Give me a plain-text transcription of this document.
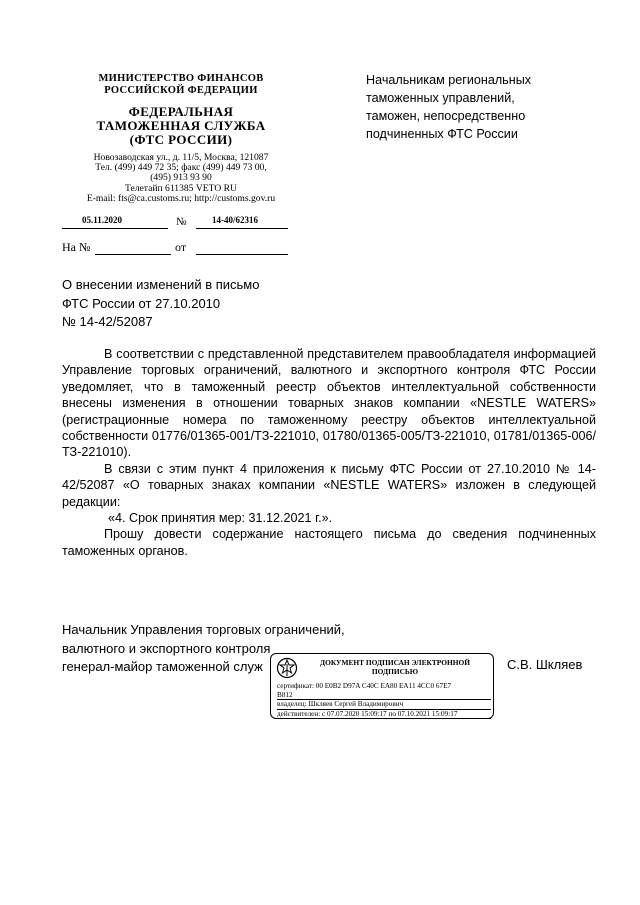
МИНИСТЕРСТВО ФИНАНСОВ
РОССИЙСКОЙ ФЕДЕРАЦИИ
ФЕДЕРАЛЬНАЯ
ТАМОЖЕННАЯ СЛУЖБА
(ФТС РОССИИ)
Новозаводская ул., д. 11/5, Москва, 121087
Тел. (499) 449 72 35; факс (499) 449 73 00,
(495) 913 93 90
Телетайп 611385 VETO RU
E-mail: fts@ca.customs.ru; http://customs.gov.ru
Начальникам региональных
таможенных управлений,
таможен, непосредственно
подчиненных ФТС России
05.11.2020	№	14-40/62316
На №	от
О внесении изменений в письмо
ФТС России от 27.10.2010
№ 14-42/52087

В соответствии с представленной представителем правообладателя информацией Управление торговых ограничений, валютного и экспортного контроля ФТС России уведомляет, что в таможенный реестр объектов интеллектуальной собственности внесены изменения в отношении товарных знаков компании «NESTLE WATERS» (регистрационные номера по таможенному реестру объектов интеллектуальной собственности 01776/01365-001/ТЗ-221010, 01780/01365-005/ТЗ-221010, 01781/01365-006/ТЗ-221010).

В связи с этим пункт 4 приложения к письму ФТС России от 27.10.2010 № 14-42/52087 «О товарных знаках компании «NESTLE WATERS» изложен в следующей редакции:

«4. Срок принятия мер: 31.12.2021 г.».

Прошу довести содержание настоящего письма до сведения подчиненных таможенных органов.

Начальник Управления торговых ограничений,
валютного и экспортного контроля
генерал-майор таможенной служ	С.В. Шкляев
ДОКУМЕНТ ПОДПИСАН ЭЛЕКТРОННОЙ
ПОДПИСЬЮ
сертификат: 00 E0B2 D97A C40C EA80 EA11 4CC0 67E7
B812
владелец: Шкляев Сергей Владимирович
действителен: с 07.07.2020 15:09:17 по 07.10.2021 15:09:17
